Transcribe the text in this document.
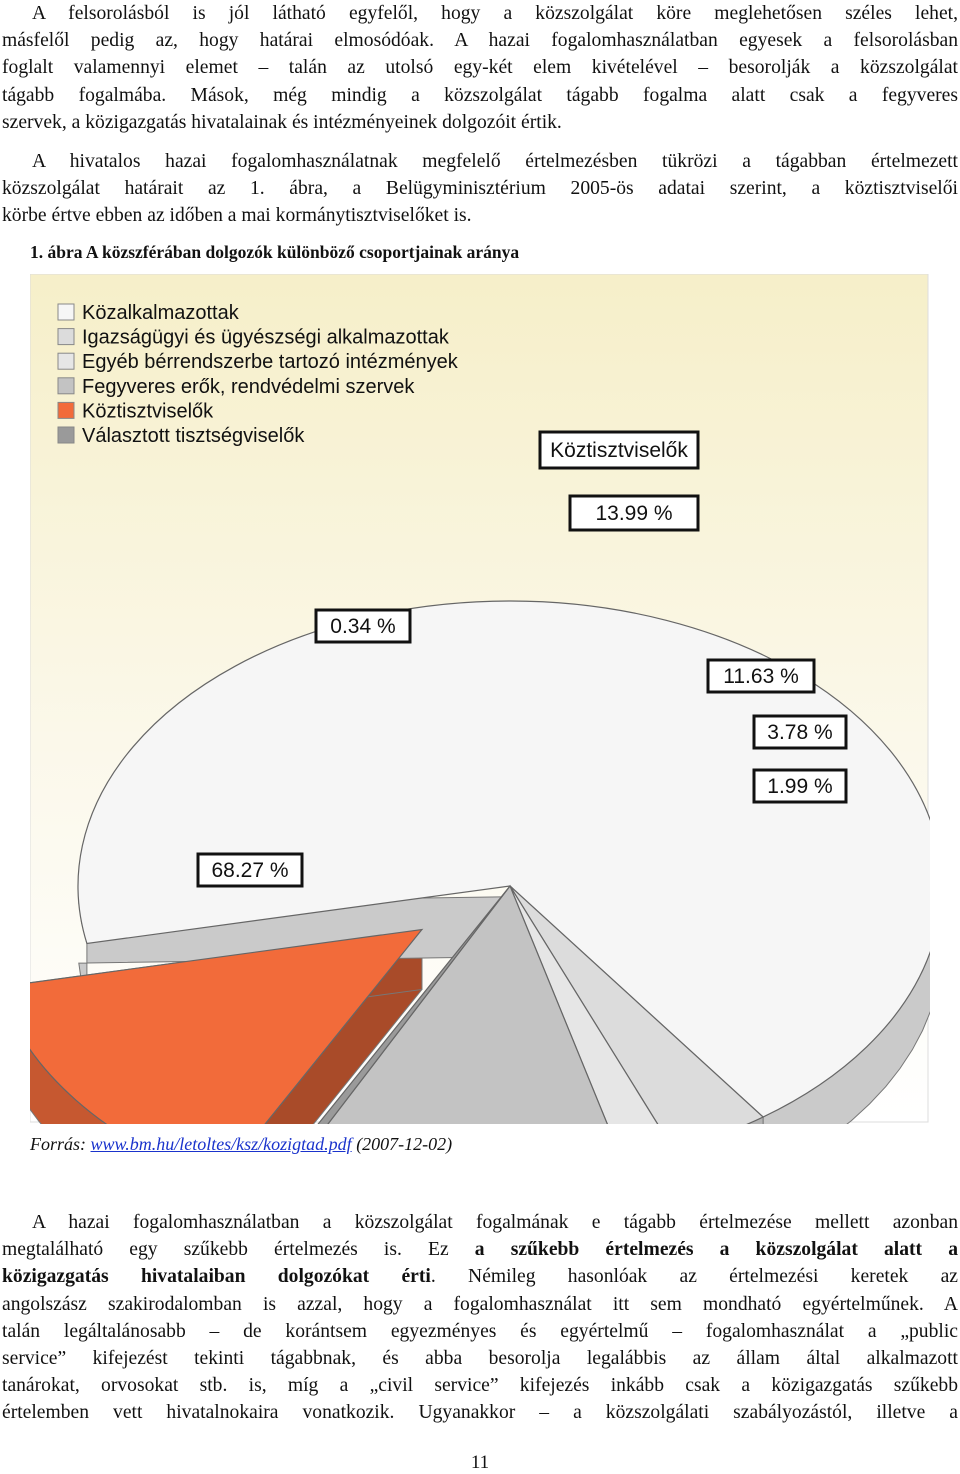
A felsorolásból is jól látható egyfelől, hogy a közszolgálat köre meglehetősen széles lehet,
másfelől pedig az, hogy határai elmosódóak. A hazai fogalomhasználatban egyesek a felsorolásban
foglalt valamennyi elemet – talán az utolsó egy-két elem kivételével – besorolják a közszolgálat
tágabb fogalmába. Mások, még mindig a közszolgálat tágabb fogalma alatt csak a fegyveres
szervek, a közigazgatás hivatalainak és intézményeinek dolgozóit értik.
A hivatalos hazai fogalomhasználatnak megfelelő értelmezésben tükrözi a tágabban értelmezett
közszolgálat határait az 1. ábra, a Belügyminisztérium 2005-ös adatai szerint, a köztisztviselői
körbe értve ebben az időben a mai kormánytisztviselőket is.
1. ábra A közszférában dolgozók különböző csoportjainak aránya
Közalkalmazottak
Igazságügyi és ügyészségi alkalmazottak
Egyéb bérrendszerbe tartozó intézmények
Fegyveres erők, rendvédelmi szervek
Köztisztviselők
Választott tisztségviselők
68.27 %
3.78 %
1.99 %
11.63 %
13.99 %
0.34 %
Köztisztviselők
Forrás: www.bm.hu/letoltes/ksz/kozigtad.pdf (2007-12-02)
A hazai fogalomhasználatban a közszolgálat fogalmának e tágabb értelmezése mellett azonban
megtalálható egy szűkebb értelmezés is. Ez a szűkebb értelmezés a közszolgálat alatt a
közigazgatás hivatalaiban dolgozókat érti. Némileg hasonlóak az értelmezési keretek az
angolszász szakirodalomban is azzal, hogy a fogalomhasználat itt sem mondható egyértelműnek. A
talán legáltalánosabb – de korántsem egyezményes és egyértelmű – fogalomhasználat a „public
service” kifejezést tekinti tágabbnak, és abba besorolja legalábbis az állam által alkalmazott
tanárokat, orvosokat stb. is, míg a „civil service” kifejezés inkább csak a közigazgatás szűkebb
értelemben vett hivatalnokaira vonatkozik. Ugyanakkor – a közszolgálati szabályozástól, illetve a
11
